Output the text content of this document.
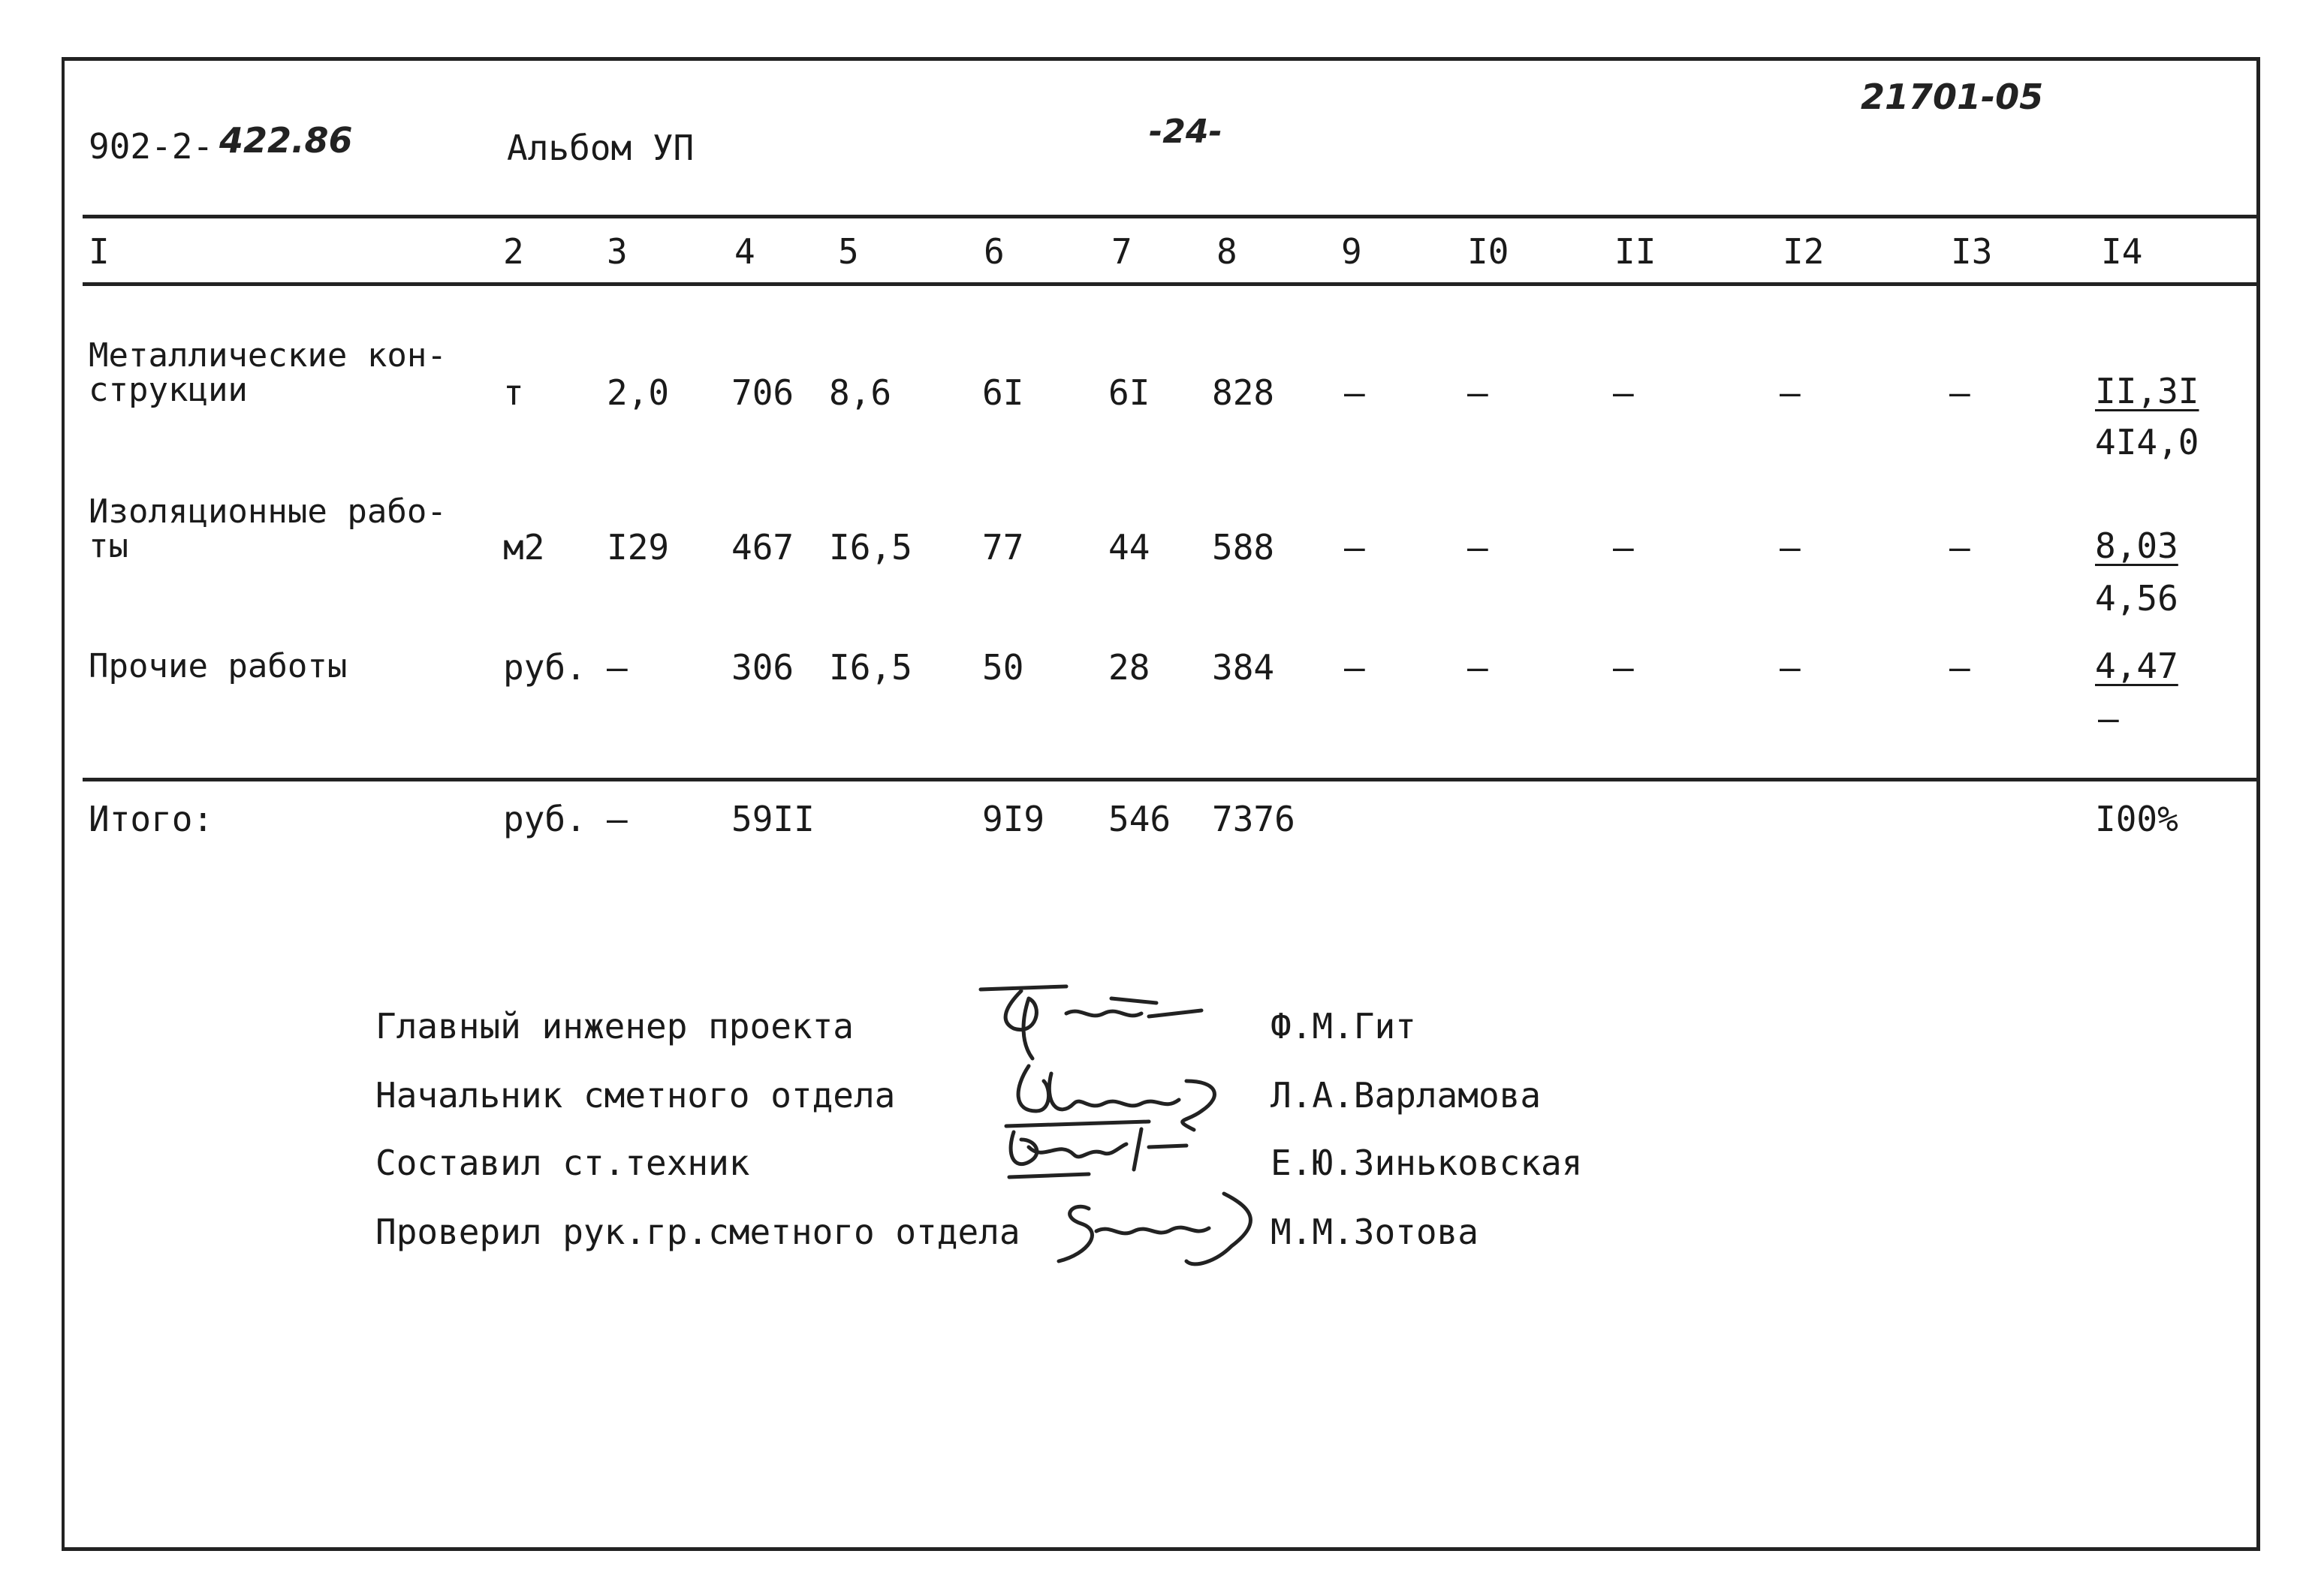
902-2- 422.86	Альбом УП	-24-
21701-05
I	2 3	4 5	6	7 8	9	I0	II	I2	I3	I4
Металлические кон-
струкции	т 2,0 706 8,6	6I 6I 828 –	–	–	–	–	II,3I
4I4,0
Изоляционные рабо-
ты	м2 I29 467 I6,5 77 44 588 –	–	–	–	–	8,03
4,56
Прочие работы	руб. –	306 I6,5 50 28 384 –	–	–	–	–	4,47
–
Итого:	руб. –	59II	9I9 546 7376	I00%
Главный инженер проекта
Начальник сметного отдела
Составил ст.техник
Проверил рук.гр.сметного отдела
Ф.М.Гит
Л.А.Варламова
Е.Ю.Зиньковская
М.М.Зотова
